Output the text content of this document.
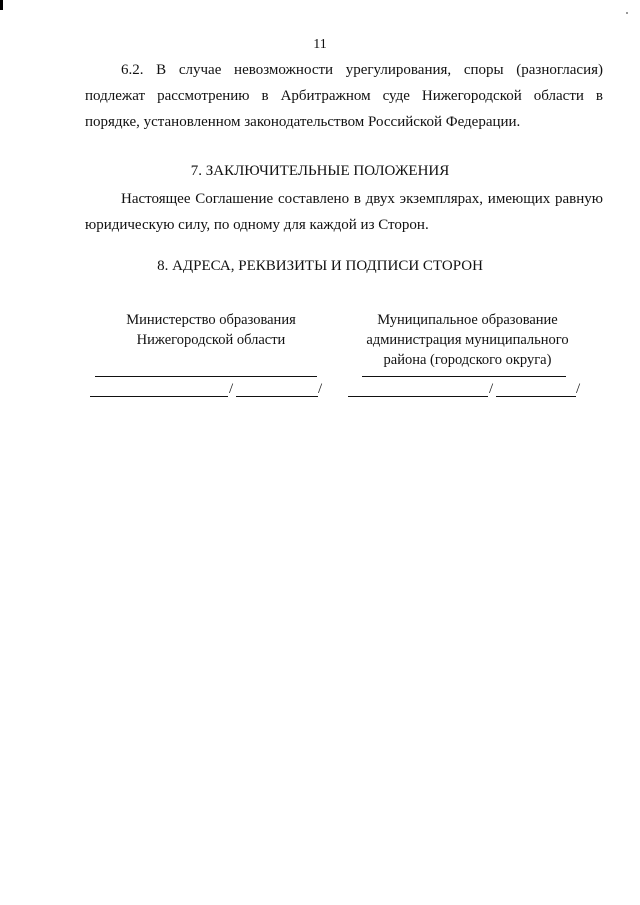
11
6.2. В случае невозможности урегулирования, споры (разногласия)
подлежат рассмотрению в Арбитражном суде Нижегородской области в
порядке, установленном законодательством Российской Федерации.
7. ЗАКЛЮЧИТЕЛЬНЫЕ ПОЛОЖЕНИЯ
Настоящее Соглашение составлено в двух экземплярах, имеющих равную
юридическую силу, по одному для каждой из Сторон.
8. АДРЕСА, РЕКВИЗИТЫ И ПОДПИСИ СТОРОН
Министерство образования
Нижегородской области
Муниципальное образование
администрация муниципального
района (городского округа)
/	/	/	/
